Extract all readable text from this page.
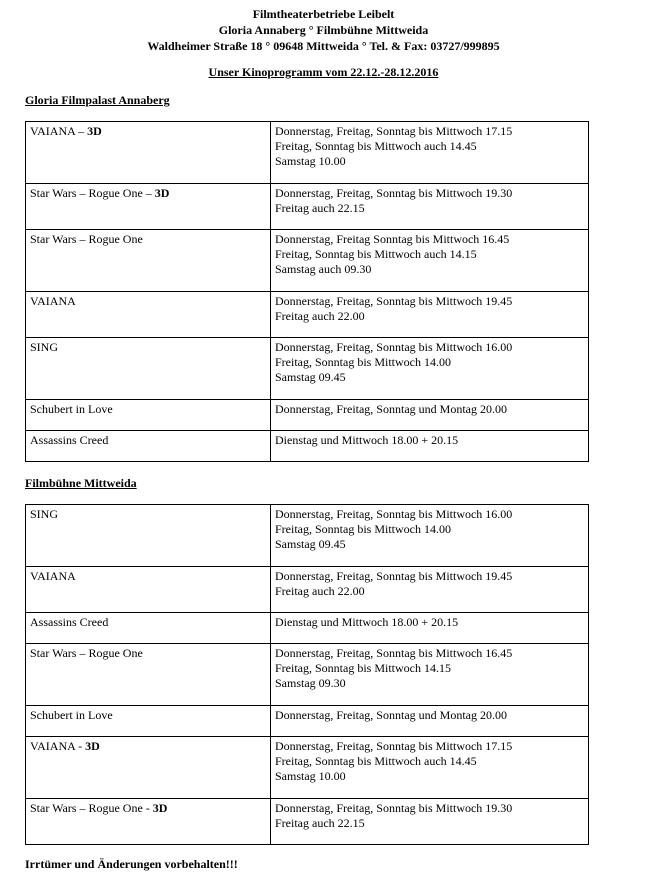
Filmtheaterbetriebe Leibelt
Gloria Annaberg ° Filmbühne Mittweida
Waldheimer Straße 18 ° 09648 Mittweida ° Tel. & Fax: 03727/999895
Unser Kinoprogramm vom 22.12.-28.12.2016
Gloria Filmpalast Annaberg
VAIANA – 3D	Donnerstag, Freitag, Sonntag bis Mittwoch 17.15
Freitag, Sonntag bis Mittwoch auch 14.45
Samstag 10.00

Star Wars – Rogue One – 3D	Donnerstag, Freitag, Sonntag bis Mittwoch 19.30
Freitag auch 22.15

Star Wars – Rogue One	Donnerstag, Freitag Sonntag bis Mittwoch 16.45
Freitag, Sonntag bis Mittwoch auch 14.15
Samstag auch 09.30

VAIANA	Donnerstag, Freitag, Sonntag bis Mittwoch 19.45
Freitag auch 22.00

SING	Donnerstag, Freitag, Sonntag bis Mittwoch 16.00
Freitag, Sonntag bis Mittwoch 14.00
Samstag 09.45

Schubert in Love	Donnerstag, Freitag, Sonntag und Montag 20.00

Assassins Creed	Dienstag und Mittwoch 18.00 + 20.15
Filmbühne Mittweida
SING	Donnerstag, Freitag, Sonntag bis Mittwoch 16.00
Freitag, Sonntag bis Mittwoch 14.00
Samstag 09.45

VAIANA	Donnerstag, Freitag, Sonntag bis Mittwoch 19.45
Freitag auch 22.00

Assassins Creed	Dienstag und Mittwoch 18.00 + 20.15

Star Wars – Rogue One	Donnerstag, Freitag, Sonntag bis Mittwoch 16.45
Freitag, Sonntag bis Mittwoch 14.15
Samstag 09.30

Schubert in Love	Donnerstag, Freitag, Sonntag und Montag 20.00

VAIANA - 3D	Donnerstag, Freitag, Sonntag bis Mittwoch 17.15
Freitag, Sonntag bis Mittwoch auch 14.45
Samstag 10.00

Star Wars – Rogue One - 3D	Donnerstag, Freitag, Sonntag bis Mittwoch 19.30
Freitag auch 22.15
Irrtümer und Änderungen vorbehalten!!!
